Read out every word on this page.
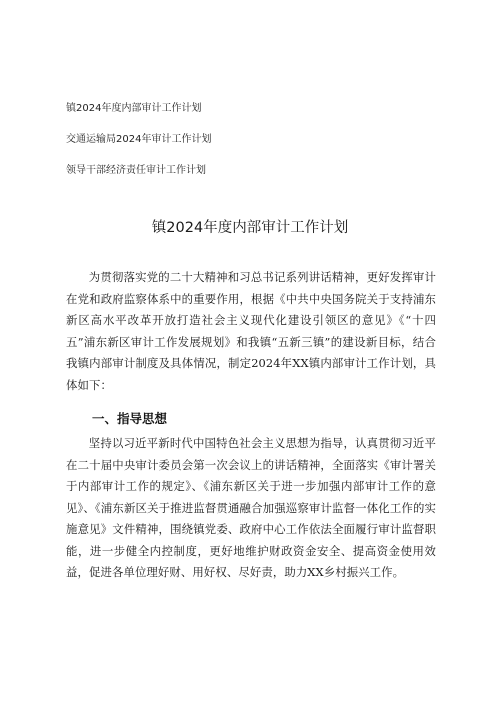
镇2024年度内部审计工作计划

交通运输局2024年审计工作计划

领导干部经济责任审计工作计划

镇2024年度内部审计工作计划

为贯彻落实党的二十大精神和习总书记系列讲话精神，更好发挥审计在党和政府监察体系中的重要作用，根据《中共中央国务院关于支持浦东新区高水平改革开放打造社会主义现代化建设引领区的意见》《“十四五”浦东新区审计工作发展规划》和我镇“五新三镇”的建设新目标，结合我镇内部审计制度及具体情况，制定2024年XX镇内部审计工作计划，具体如下：

一、指导思想

坚持以习近平新时代中国特色社会主义思想为指导，认真贯彻习近平在二十届中央审计委员会第一次会议上的讲话精神，全面落实《审计署关于内部审计工作的规定》、《浦东新区关于进一步加强内部审计工作的意见》、《浦东新区关于推进监督贯通融合加强巡察审计监督一体化工作的实施意见》文件精神，围绕镇党委、政府中心工作依法全面履行审计监督职能，进一步健全内控制度，更好地维护财政资金安全、提高资金使用效益，促进各单位理好财、用好权、尽好责，助力XX乡村振兴工作。
